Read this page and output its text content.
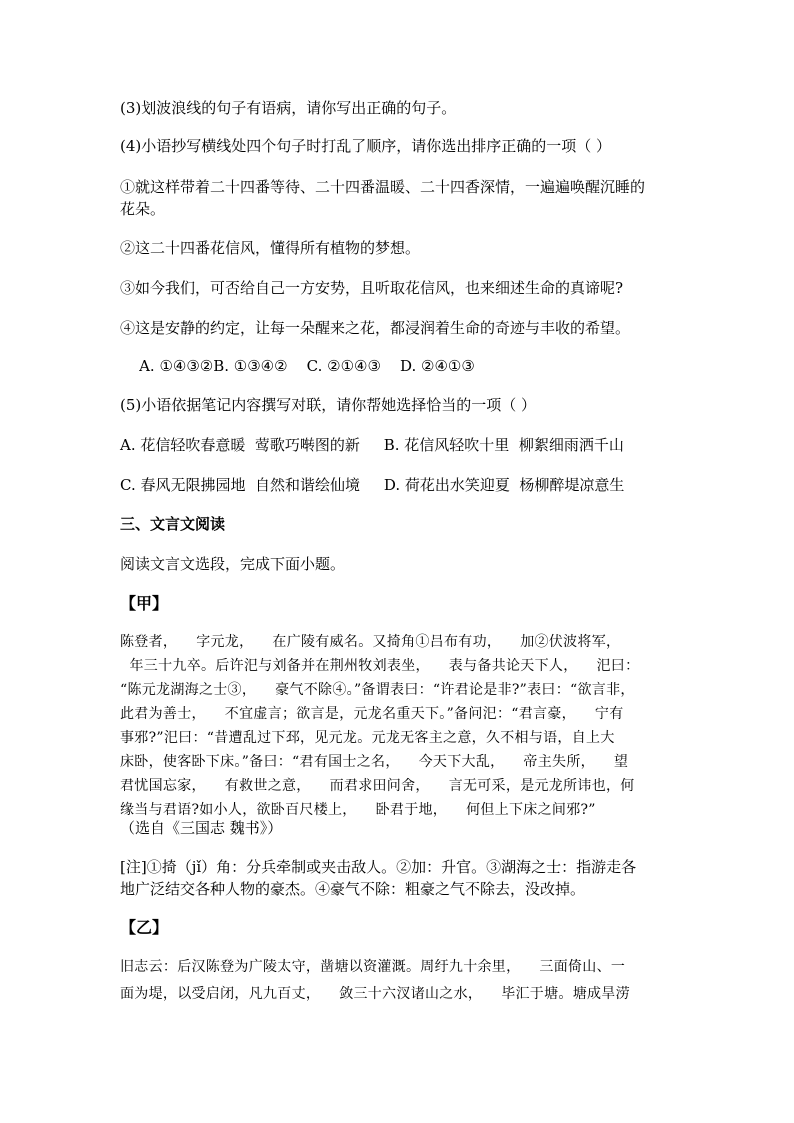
(3)划波浪线的句子有语病，请你写出正确的句子。
(4)小语抄写横线处四个句子时打乱了顺序，请你选出排序正确的一项（ ）
①就这样带着二十四番等待、二十四番温暖、二十四香深情，一遍遍唤醒沉睡的
花朵。
②这二十四番花信风，懂得所有植物的梦想。
③如今我们，可否给自己一方安势，且听取花信风，也来细述生命的真谛呢?
④这是安静的约定，让每一朵醒来之花，都浸润着生命的奇迹与丰收的希望。
A. ①④③②B. ①③④②    C. ②①④③    D. ②④①③
(5)小语依据笔记内容撰写对联，请你帮她选择恰当的一项（ ）
A. 花信轻吹春意暖  莺歌巧啭图的新     B. 花信风轻吹十里  柳絮细雨洒千山
C. 春风无限拂园地  自然和谐绘仙境     D. 荷花出水笑迎夏  杨柳醉堤凉意生
三、文言文阅读
阅读文言文选段，完成下面小题。
【甲】
陈登者，    字元龙，    在广陵有威名。又掎角①吕布有功，    加②伏波将军，
年三十九卒。后许汜与刘备并在荆州牧刘表坐，    表与备共论天下人，    汜曰：
“陈元龙湖海之士③，    豪气不除④。”备谓表曰：“许君论是非?”表曰：“欲言非，
此君为善士，    不宜虚言；欲言是，元龙名重天下。”备问汜：“君言豪，    宁有
事邪?”汜曰：“昔遭乱过下邳，见元龙。元龙无客主之意，久不相与语，自上大
床卧，使客卧下床。”备曰：“君有国士之名，    今天下大乱，    帝主失所，    望
君忧国忘家，    有救世之意，    而君求田问舍，    言无可采，是元龙所讳也，何
缘当与君语?如小人，欲卧百尺楼上，    卧君于地，    何但上下床之间邪?”
（选自《三国志 魏书》）
[注]①掎（jǐ）角：分兵牵制或夹击敌人。②加：升官。③湖海之士：指游走各
地广泛结交各种人物的豪杰。④豪气不除：粗豪之气不除去，没改掉。
【乙】
旧志云：后汉陈登为广陵太守，凿塘以资灌溉。周纡九十余里，    三面倚山、一
面为堤，以受启闭，凡九百丈，    敛三十六汊诸山之水，    毕汇于塘。塘成旱涝
